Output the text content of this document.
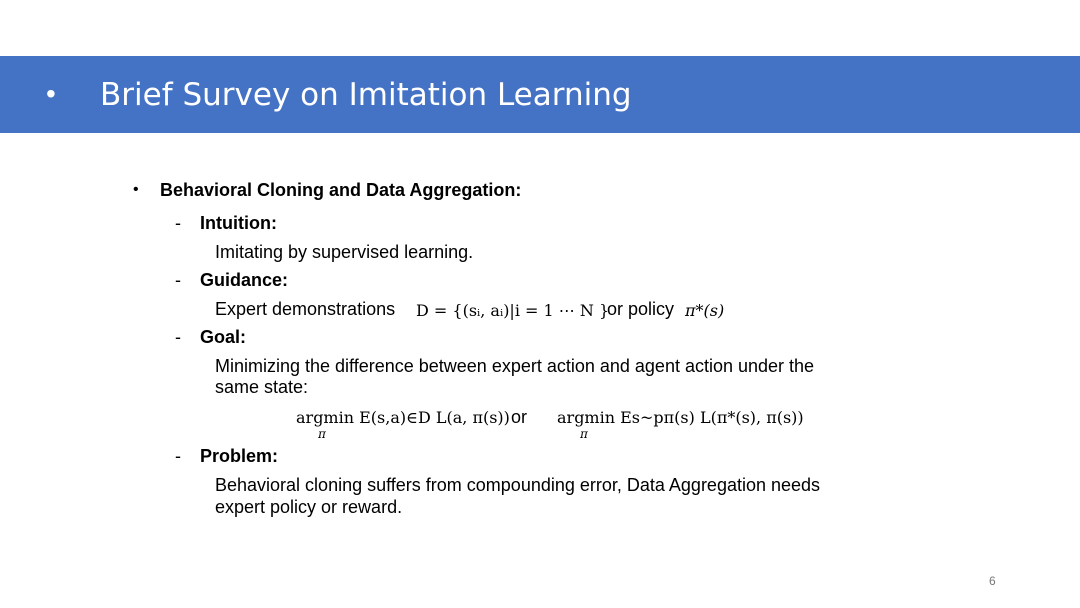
• Brief Survey on Imitation Learning
• Behavioral Cloning and Data Aggregation:
- Intuition:
Imitating by supervised learning.
- Guidance:
Expert demonstrations D = {(sᵢ, aᵢ)|i = 1 ⋯ N }
or policy π*(s)
- Goal:
Minimizing the difference between expert action and agent action under the
same state:
argmin E(s,a)∈D L(a, π(s))
π
or argmin Es~pπ(s) L(π*(s), π(s))
π
- Problem:
Behavioral cloning suffers from compounding error, Data Aggregation needs
expert policy or reward.
6
